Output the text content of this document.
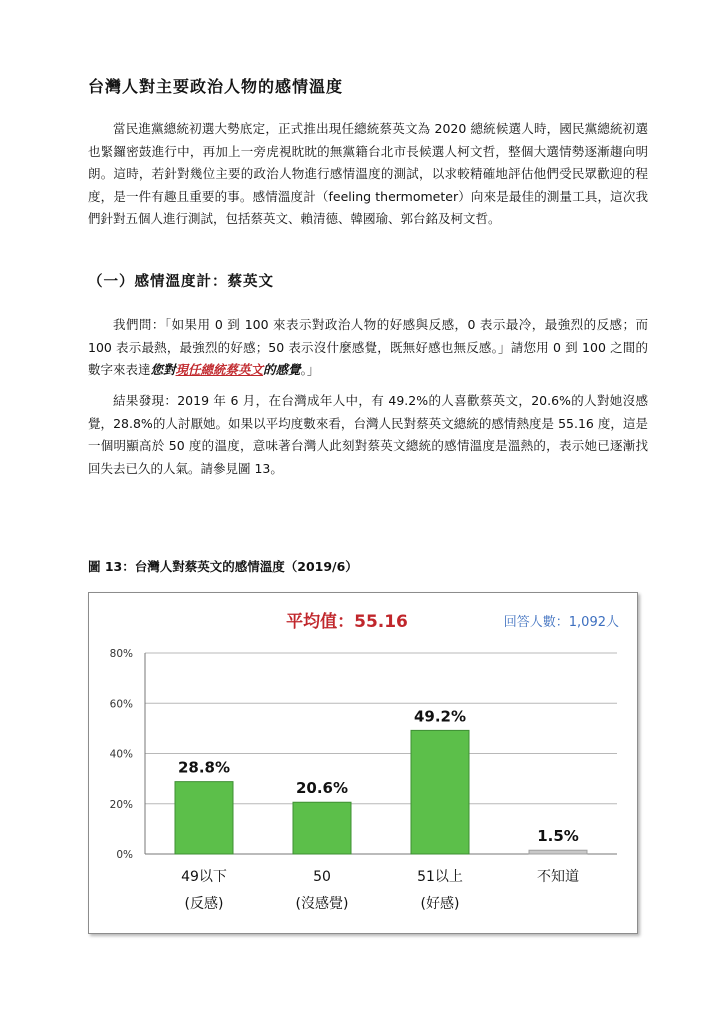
台灣人對主要政治人物的感情溫度

當民進黨總統初選大勢底定，正式推出現任總統蔡英文為 2020 總統候選人時，國民黨總統初選也緊鑼密鼓進行中，再加上一旁虎視眈眈的無黨籍台北市長候選人柯文哲，整個大選情勢逐漸趨向明朗。這時，若針對幾位主要的政治人物進行感情溫度的測試，以求較精確地評估他們受民眾歡迎的程度，是一件有趣且重要的事。感情溫度計（feeling thermometer）向來是最佳的測量工具，這次我們針對五個人進行測試，包括蔡英文、賴清德、韓國瑜、郭台銘及柯文哲。

（一）感情溫度計：蔡英文

我們問：「如果用 0 到 100 來表示對政治人物的好感與反感，0 表示最冷，最強烈的反感；而 100 表示最熱，最強烈的好感；50 表示沒什麼感覺，既無好感也無反感。」請您用 0 到 100 之間的數字來表達您對現任總統蔡英文的感覺。」

結果發現：2019 年 6 月，在台灣成年人中，有 49.2%的人喜歡蔡英文，20.6%的人對她沒感覺，28.8%的人討厭她。如果以平均度數來看，台灣人民對蔡英文總統的感情熱度是 55.16 度，這是一個明顯高於 50 度的溫度，意味著台灣人此刻對蔡英文總統的感情溫度是溫熱的，表示她已逐漸找回失去已久的人氣。請參見圖 13。

圖 13：台灣人對蔡英文的感情溫度（2019/6）
平均值：55.16	回答人數：1,092人
0%
20%
40%
60%
80%
28.8%
49以下
(反感)
20.6%
50
(沒感覺)
49.2%
51以上
(好感)
1.5%
不知道
